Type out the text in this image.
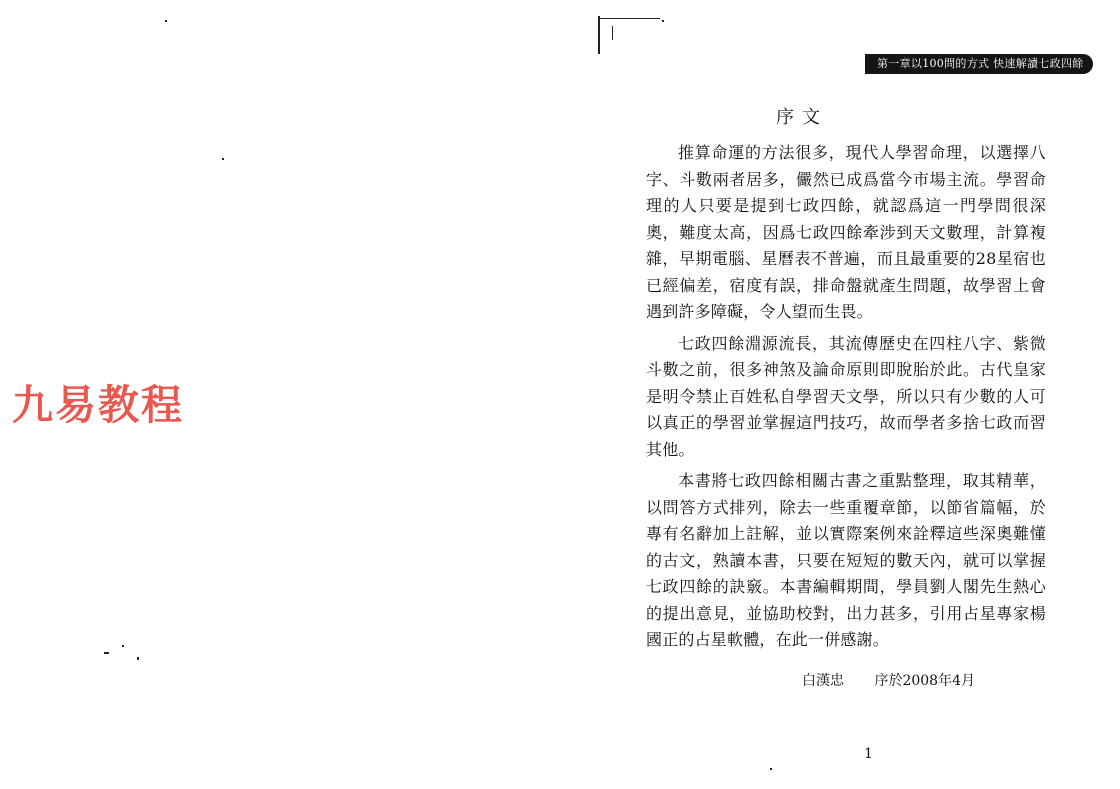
九易教程
第一章以100問的方式 快速解讀七政四餘
序文

推算命運的方法很多，現代人學習命理，以選擇八字、斗數兩者居多，儼然已成爲當今市場主流。學習命理的人只要是提到七政四餘，就認爲這一門學問很深奧，難度太高，因爲七政四餘牽涉到天文數理，計算複雜，早期電腦、星曆表不普遍，而且最重要的28星宿也已經偏差，宿度有誤，排命盤就產生問題，故學習上會遇到許多障礙，令人望而生畏。

七政四餘淵源流長，其流傳歷史在四柱八字、紫微斗數之前，很多神煞及論命原則即脫胎於此。古代皇家是明令禁止百姓私自學習天文學，所以只有少數的人可以真正的學習並掌握這門技巧，故而學者多捨七政而習其他。

本書將七政四餘相關古書之重點整理，取其精華，以問答方式排列，除去一些重覆章節，以節省篇幅，於專有名辭加上註解，並以實際案例來詮釋這些深奧難懂的古文，熟讀本書，只要在短短的數天內，就可以掌握七政四餘的訣竅。本書編輯期間，學員劉人閣先生熱心的提出意見，並協助校對，出力甚多，引用占星專家楊國正的占星軟體，在此一併感謝。

白漢忠 序於2008年4月
1
